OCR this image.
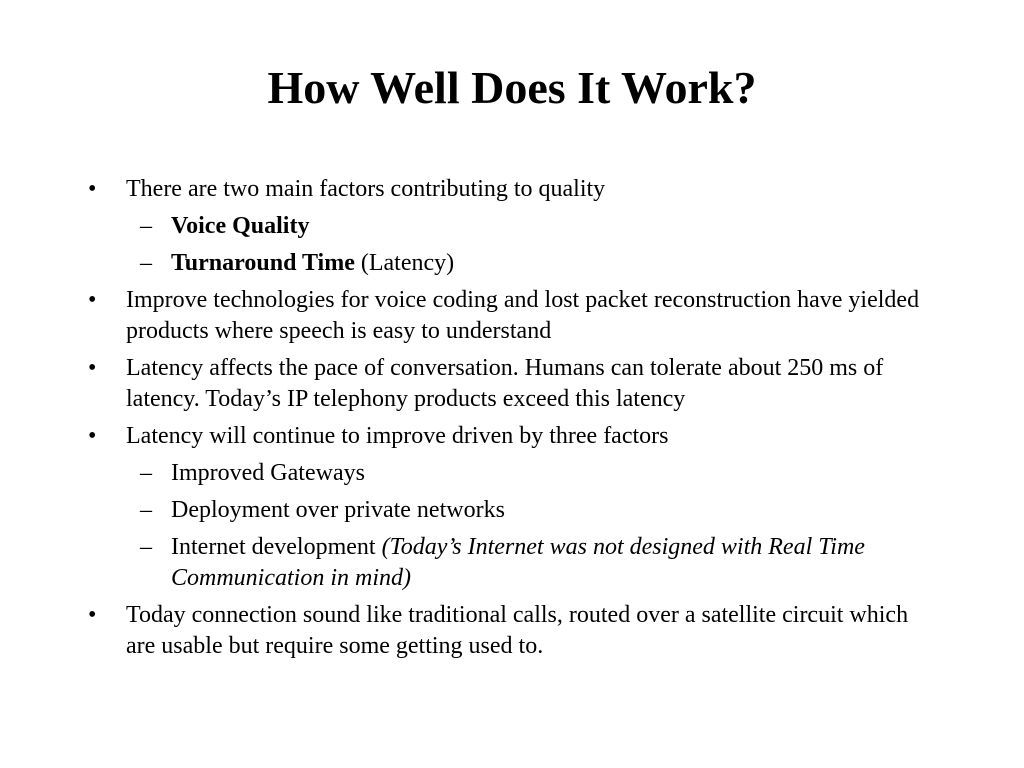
How Well Does It Work?
• There are two main factors contributing to quality
– Voice Quality
– Turnaround Time (Latency)
• Improve technologies for voice coding and lost packet reconstruction have yielded products where speech is easy to understand
• Latency affects the pace of conversation. Humans can tolerate about 250 ms of latency. Today’s IP telephony products exceed this latency
• Latency will continue to improve driven by three factors
– Improved Gateways
– Deployment over private networks
– Internet development (Today’s Internet was not designed with Real Time Communication in mind)
• Today connection sound like traditional calls, routed over a satellite circuit which are usable but require some getting used to.
